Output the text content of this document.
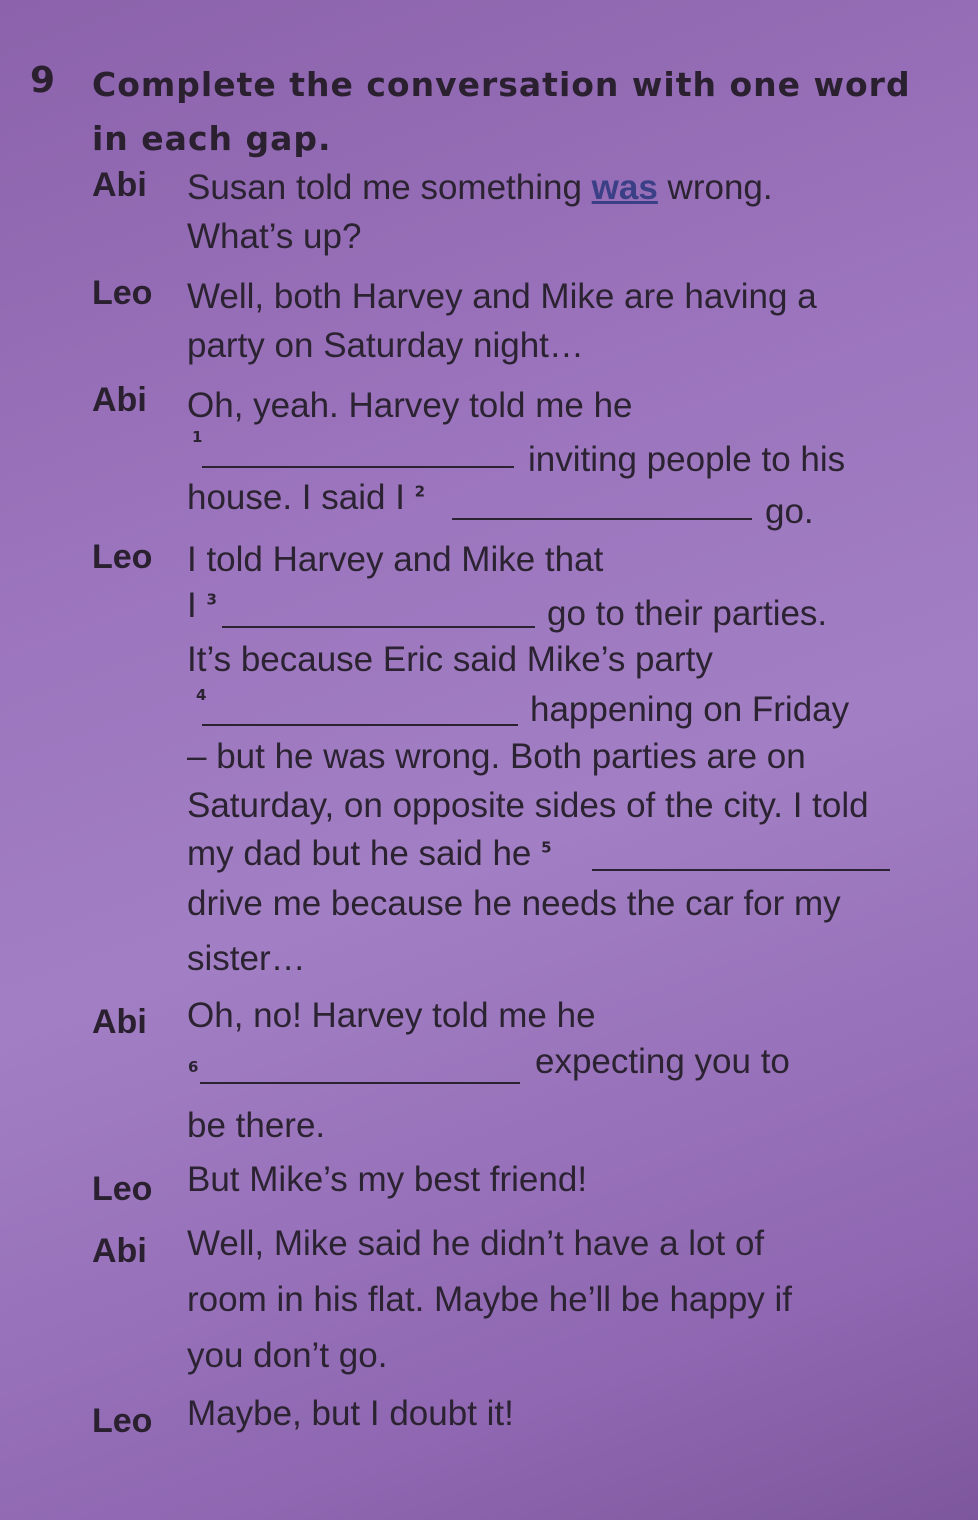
9 Complete the conversation with one word
in each gap.
Abi Susan told me something was wrong.
What’s up?
Leo Well, both Harvey and Mike are having a
party on Saturday night…
Abi Oh, yeah. Harvey told me he
1
inviting people to his
house. I said I $^2$
go.
Leo I told Harvey and Mike that
I $^3$	go to their parties.
It’s because Eric said Mike’s party
4	happening on Friday
– but he was wrong. Both parties are on
Saturday, on opposite sides of the city. I told
my dad but he said he $^5$
drive me because he needs the car for my
sister…
Abi Oh, no! Harvey told me he
6	expecting you to
be there.
Leo But Mike’s my best friend!
Abi Well, Mike said he didn’t have a lot of
room in his flat. Maybe he’ll be happy if
you don’t go.
Leo Maybe, but I doubt it!
